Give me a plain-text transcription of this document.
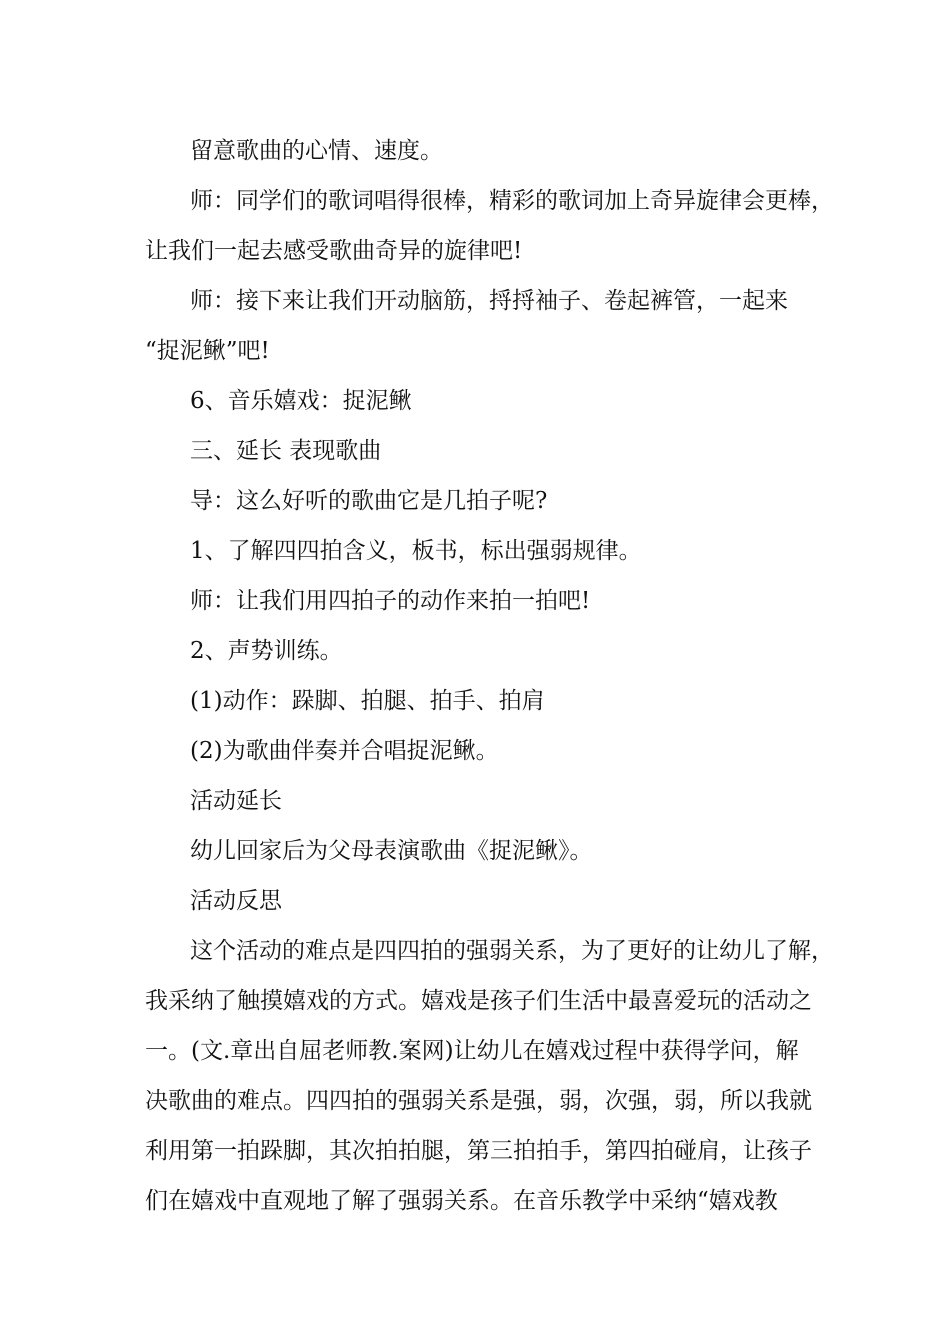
留意歌曲的心情、速度。
师：同学们的歌词唱得很棒，精彩的歌词加上奇异旋律会更棒，
让我们一起去感受歌曲奇异的旋律吧!
师：接下来让我们开动脑筋，捋捋袖子、卷起裤管，一起来
“捉泥鳅”吧!
6、音乐嬉戏：捉泥鳅
三、延长 表现歌曲
导：这么好听的歌曲它是几拍子呢?
1、了解四四拍含义，板书，标出强弱规律。
师：让我们用四拍子的动作来拍一拍吧!
2、声势训练。
(1)动作：跺脚、拍腿、拍手、拍肩
(2)为歌曲伴奏并合唱捉泥鳅。
活动延长
幼儿回家后为父母表演歌曲《捉泥鳅》。
活动反思
这个活动的难点是四四拍的强弱关系，为了更好的让幼儿了解，
我采纳了触摸嬉戏的方式。嬉戏是孩子们生活中最喜爱玩的活动之
一。(文.章出自屈老师教.案网)让幼儿在嬉戏过程中获得学问，解
决歌曲的难点。四四拍的强弱关系是强，弱，次强，弱，所以我就
利用第一拍跺脚，其次拍拍腿，第三拍拍手，第四拍碰肩，让孩子
们在嬉戏中直观地了解了强弱关系。在音乐教学中采纳“嬉戏教
